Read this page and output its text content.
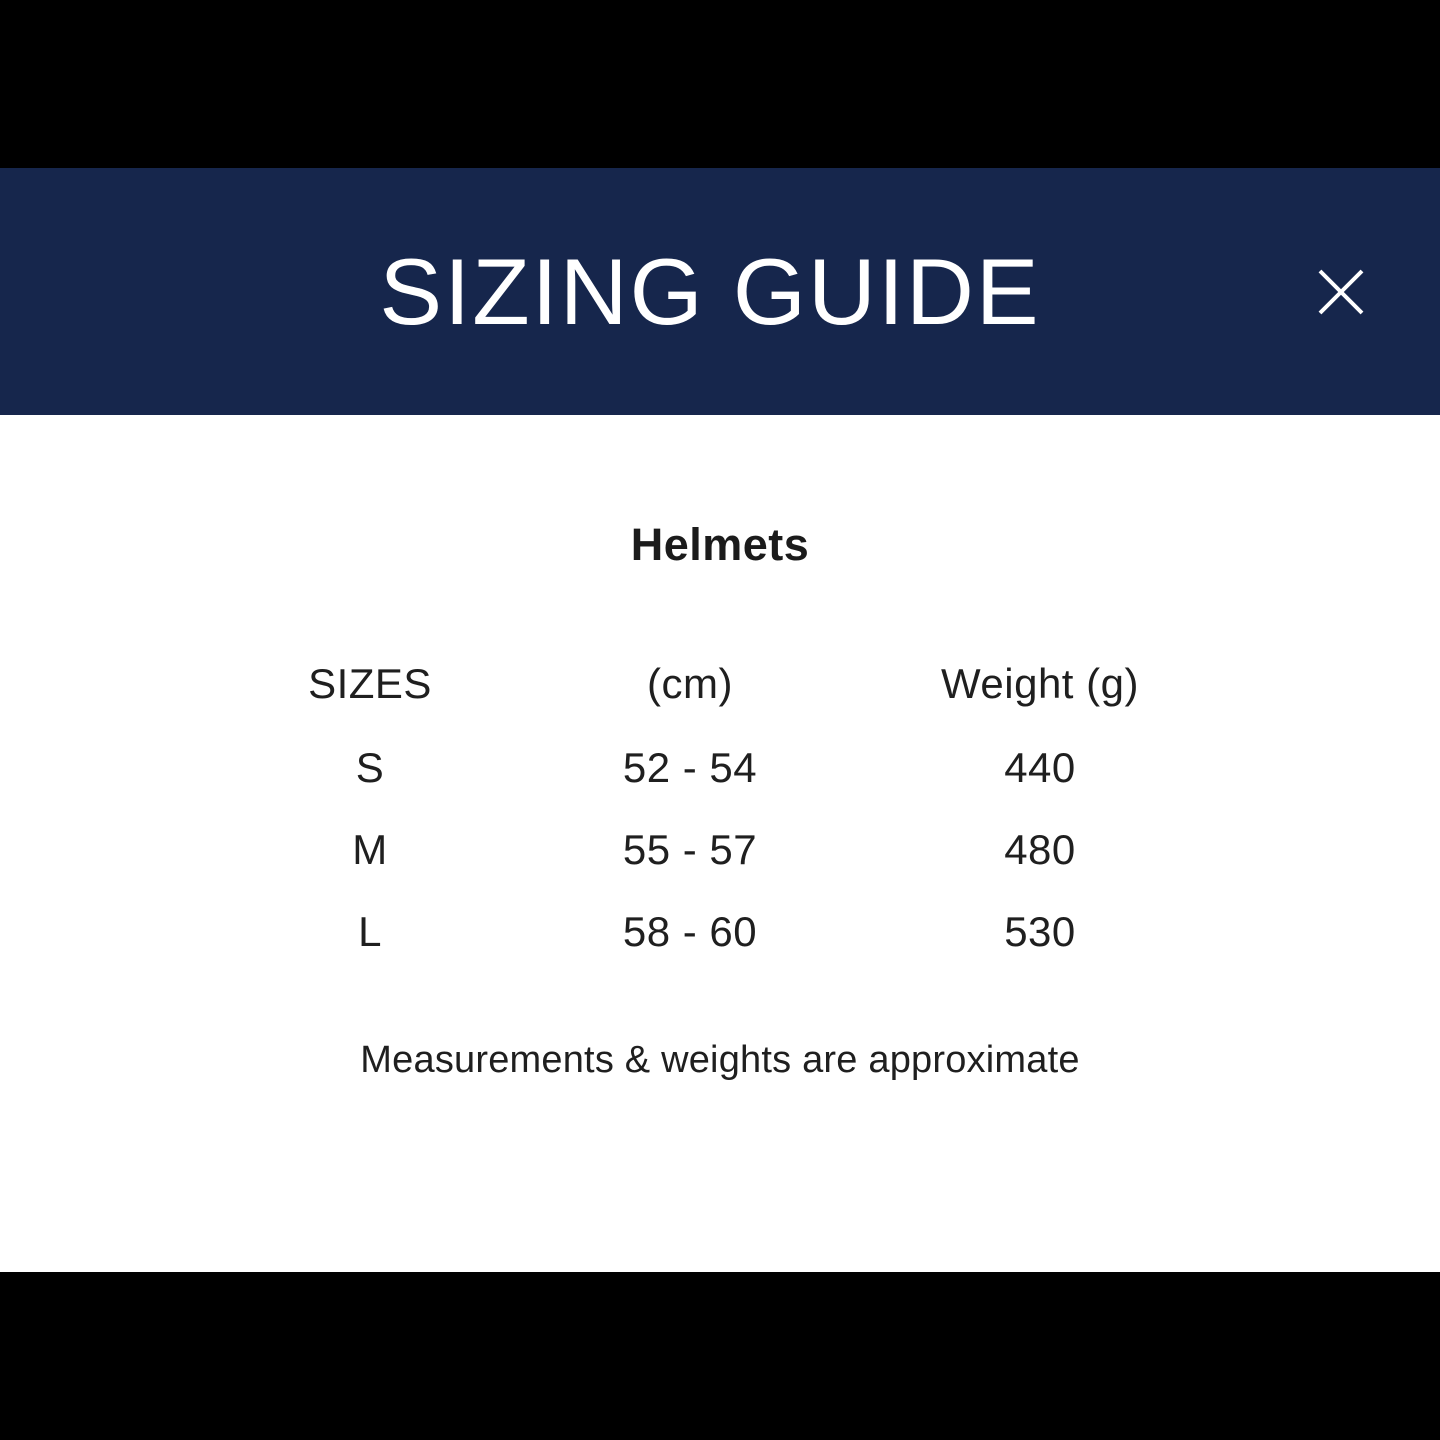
SIZING GUIDE
Helmets
SIZES	(cm)	Weight (g)
S	52 - 54	440
M	55 - 57	480
L	58 - 60	530

Measurements & weights are approximate
